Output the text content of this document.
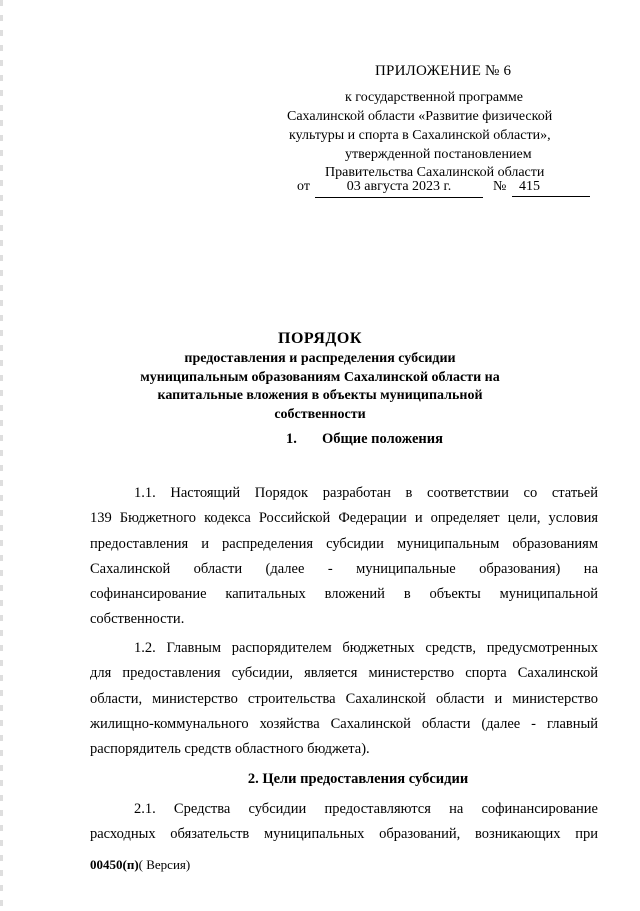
ПРИЛОЖЕНИЕ № 6
к государственной программе
Сахалинской области «Развитие физической
культуры и спорта в Сахалинской области»,
утвержденной постановлением
Правительства Сахалинской области
от	03 августа 2023 г.	№ 415
ПОРЯДОК
предоставления и распределения субсидии муниципальным образованиям Сахалинской области на капитальные вложения в объекты муниципальной собственности
1. Общие положения
1.1. Настоящий Порядок разработан в соответствии со статьей
139 Бюджетного кодекса Российской Федерации и определяет цели, условия
предоставления и распределения субсидии муниципальным образованиям
Сахалинской области (далее - муниципальные образования) на
софинансирование капитальных вложений в объекты муниципальной
собственности.
1.2. Главным распорядителем бюджетных средств, предусмотренных
для предоставления субсидии, является министерство спорта Сахалинской
области, министерство строительства Сахалинской области и министерство
жилищно-коммунального хозяйства Сахалинской области (далее - главный
распорядитель средств областного бюджета).
2. Цели предоставления субсидии
2.1. Средства субсидии предоставляются на софинансирование
расходных обязательств муниципальных образований, возникающих при
00450(п)( Версия)
